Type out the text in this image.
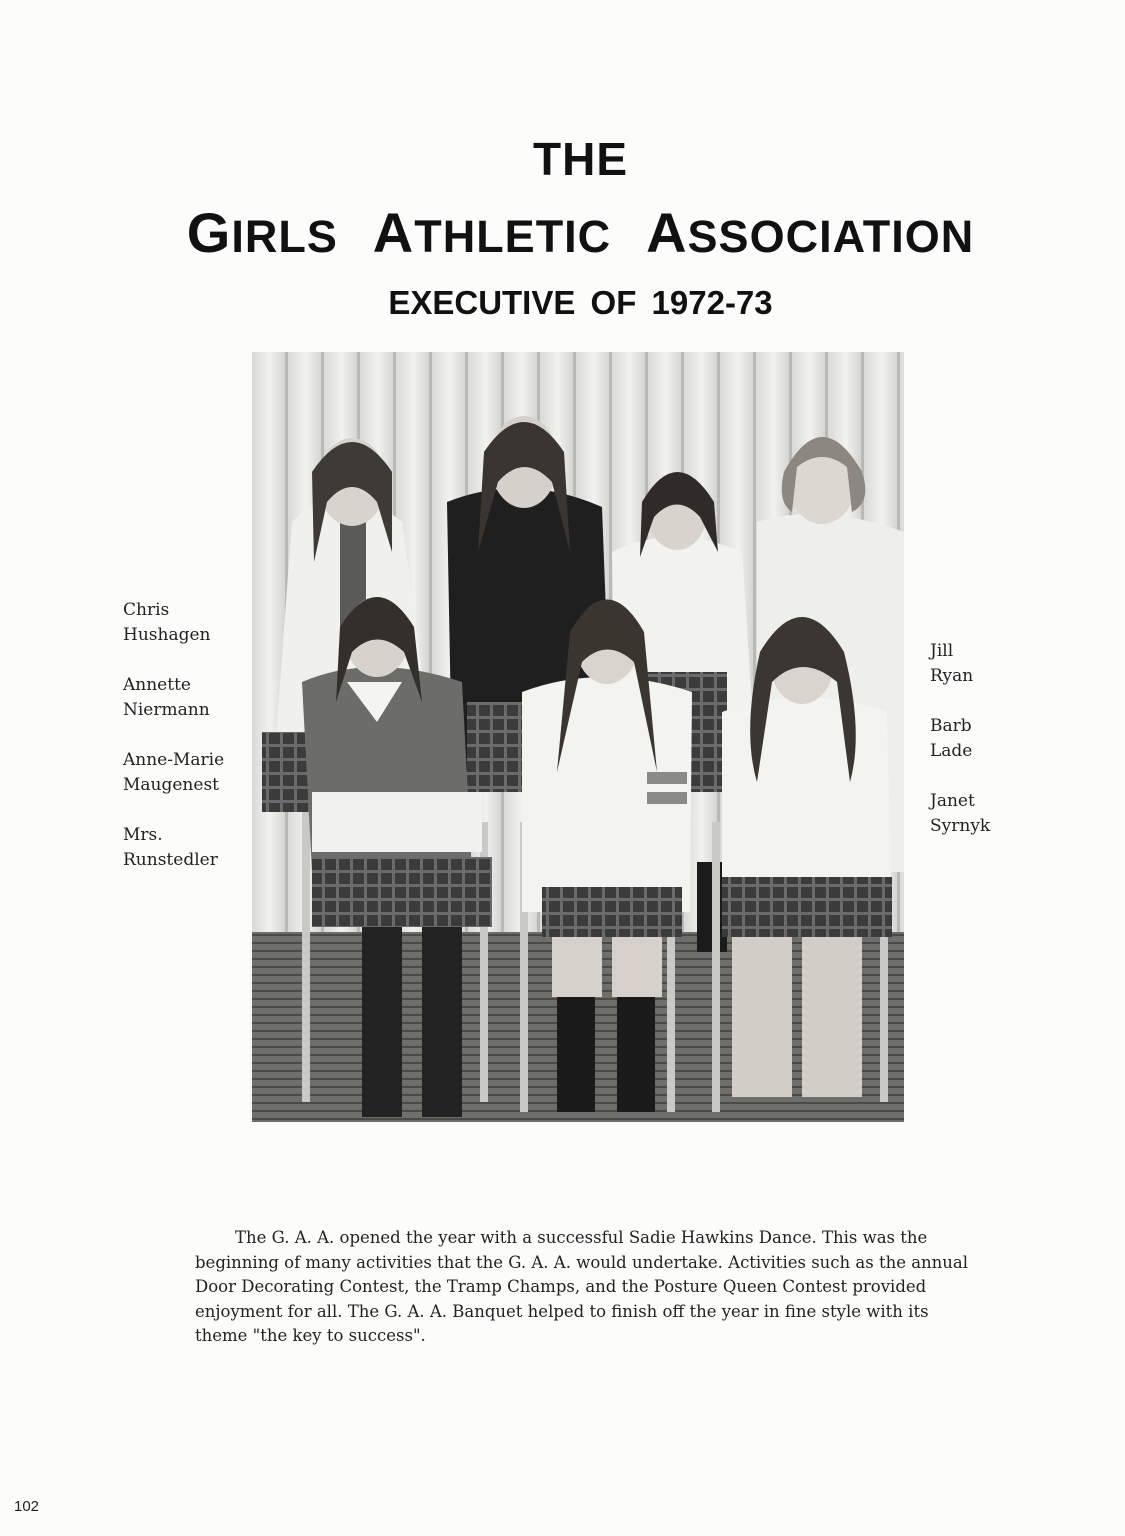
THE
GIRLS ATHLETIC ASSOCIATION
EXECUTIVE OF 1972-73
Chris
Hushagen
Annette
Niermann
Anne-Marie
Maugenest
Mrs.
Runstedler
Jill
Ryan
Barb
Lade
Janet
Syrnyk

The G. A. A. opened the year with a successful Sadie Hawkins Dance. This was the beginning of many activities that the G. A. A. would undertake. Activities such as the annual Door Decorating Contest, the Tramp Champs, and the Posture Queen Contest provided enjoyment for all. The G. A. A. Banquet helped to finish off the year in fine style with its theme "the key to success".

102
